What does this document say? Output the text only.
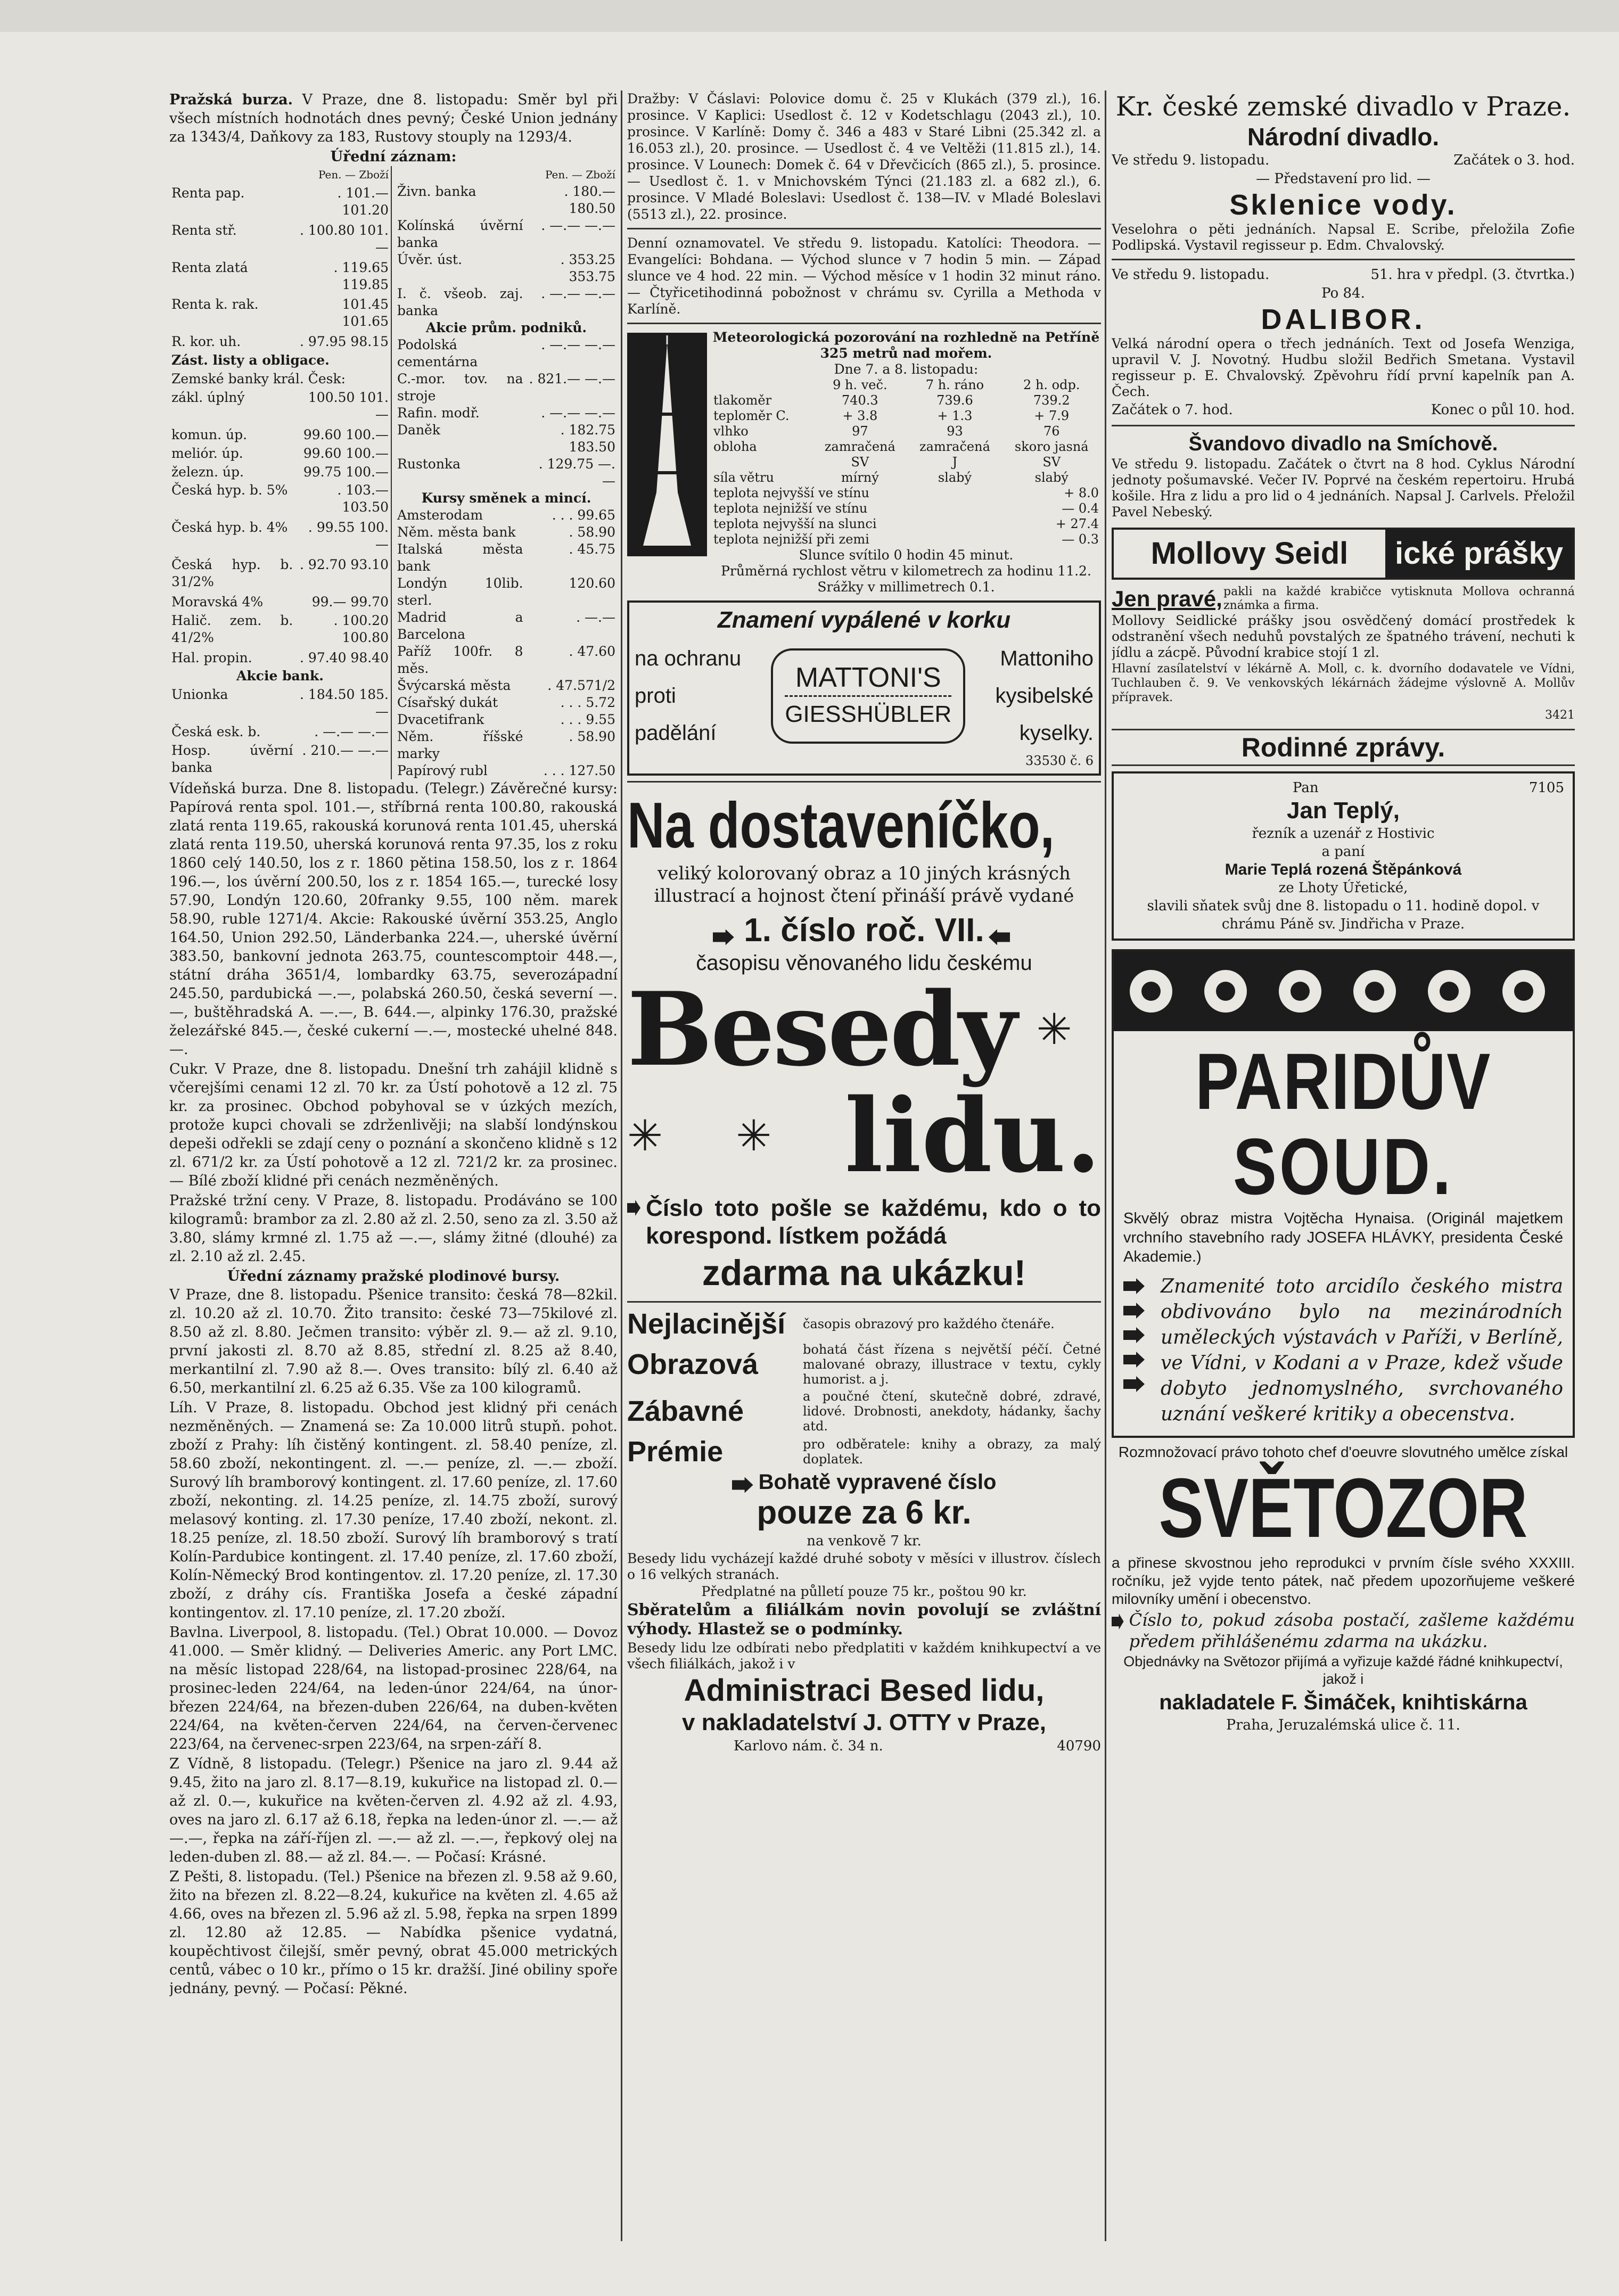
Pražská burza. V Praze, dne 8. listopadu: Směr byl při všech místních hodnotách dnes pevný; České Union jednány za 1343/4, Daňkovy za 183, Rustovy stouply na 1293/4.

Úřední záznam:
	Pen. — Zboží
Renta pap.	. 101.— 101.20
Renta stř.	. 100.80 101.—
Renta zlatá	. 119.65 119.85
Renta k. rak.	101.45 101.65
R. kor. uh.	. 97.95 98.15
Zást. listy a obligace.	
Zemské banky král. Česk:	
zákl. úplný	100.50 101.—
komun. úp.	99.60 100.—
meliór. úp.	99.60 100.—
železn. úp.	99.75 100.—
Česká hyp. b. 5%	. 103.— 103.50
Česká hyp. b. 4%	. 99.55 100.—
Česká hyp. b. 31/2%	. 92.70 93.10
Moravská 4%	99.— 99.70
Halič. zem. b. 41/2%	. 100.20 100.80
Hal. propin.	. 97.40 98.40
Akcie bank.	
Unionka	. 184.50 185.—
Česká esk. b.	. —.— —.—
Hosp. úvěrní banka	. 210.— —.—
	Pen. — Zboží
Živn. banka	. 180.— 180.50
Kolínská úvěrní banka	. —.— —.—
Úvěr. úst.	. 353.25 353.75
I. č. všeob. zaj. banka	. —.— —.—
Akcie prům. podniků.	
Podolská cementárna	. —.— —.—
C.-mor. tov. na stroje	. 821.— —.—
Rafin. modř.	. —.— —.—
Daněk	. 182.75 183.50
Rustonka	. 129.75 —.—
Kursy směnek a mincí.	
Amsterodam	. . . 99.65
Něm. města bank	. 58.90
Italská města bank	. 45.75
Londýn 10lib. sterl.	120.60
Madrid a Barcelona	. —.—
Paříž 100fr. 8 měs.	. 47.60
Švýcarská města	. 47.571/2
Císařský dukát	. . . 5.72
Dvacetifrank	. . . 9.55
Něm. říšské marky	. 58.90
Papírový rubl	. . . 127.50

Vídeňská burza. Dne 8. listopadu. (Telegr.) Závěrečné kursy: Papírová renta spol. 101.—, stříbrná renta 100.80, rakouská zlatá renta 119.65, rakouská korunová renta 101.45, uherská zlatá renta 119.50, uherská korunová renta 97.35, los z roku 1860 celý 140.50, los z r. 1860 pětina 158.50, los z r. 1864 196.—, los úvěrní 200.50, los z r. 1854 165.—, turecké losy 57.90, Londýn 120.60, 20franky 9.55, 100 něm. marek 58.90, ruble 1271/4. Akcie: Rakouské úvěrní 353.25, Anglo 164.50, Union 292.50, Länderbanka 224.—, uherské úvěrní 383.50, bankovní jednota 263.75, countescomptoir 448.—, státní dráha 3651/4, lombardky 63.75, severozápadní 245.50, pardubická —.—, polabská 260.50, česká severní —.—, buštěhradská A. —.—, B. 644.—, alpinky 176.30, pražské železářské 845.—, české cukerní —.—, mostecké uhelné 848.—.

Cukr. V Praze, dne 8. listopadu. Dnešní trh zahájil klidně s včerejšími cenami 12 zl. 70 kr. za Ústí pohotově a 12 zl. 75 kr. za prosinec. Obchod pobyhoval se v úzkých mezích, protože kupci chovali se zdrženlivěji; na slabší londýnskou depeši odřekli se zdají ceny o poznání a skončeno klidně s 12 zl. 671/2 kr. za Ústí pohotově a 12 zl. 721/2 kr. za prosinec. — Bílé zboží klidné při cenách nezměněných.

Pražské tržní ceny. V Praze, 8. listopadu. Prodáváno se 100 kilogramů: brambor za zl. 2.80 až zl. 2.50, seno za zl. 3.50 až 3.80, slámy krmné zl. 1.75 až —.—, slámy žitné (dlouhé) za zl. 2.10 až zl. 2.45.

Úřední záznamy pražské plodinové bursy.

V Praze, dne 8. listopadu. Pšenice transito: česká 78—82kil. zl. 10.20 až zl. 10.70. Žito transito: české 73—75kilové zl. 8.50 až zl. 8.80. Ječmen transito: výběr zl. 9.— až zl. 9.10, první jakosti zl. 8.70 až 8.85, střední zl. 8.25 až 8.40, merkantilní zl. 7.90 až 8.—. Oves transito: bílý zl. 6.40 až 6.50, merkantilní zl. 6.25 až 6.35. Vše za 100 kilogramů.

Líh. V Praze, 8. listopadu. Obchod jest klidný při cenách nezměněných. — Znamená se: Za 10.000 litrů stupň. pohot. zboží z Prahy: líh čistěný kontingent. zl. 58.40 peníze, zl. 58.60 zboží, nekontingent. zl. —.— peníze, zl. —.— zboží. Surový líh bramborový kontingent. zl. 17.60 peníze, zl. 17.60 zboží, nekonting. zl. 14.25 peníze, zl. 14.75 zboží, surový melasový konting. zl. 17.30 peníze, 17.40 zboží, nekont. zl. 18.25 peníze, zl. 18.50 zboží. Surový líh bramborový s tratí Kolín-Pardubice kontingent. zl. 17.40 peníze, zl. 17.60 zboží, Kolín-Německý Brod kontingentov. zl. 17.20 peníze, zl. 17.30 zboží, z dráhy cís. Františka Josefa a české západní kontingentov. zl. 17.10 peníze, zl. 17.20 zboží.

Bavlna. Liverpool, 8. listopadu. (Tel.) Obrat 10.000. — Dovoz 41.000. — Směr klidný. — Deliveries Americ. any Port LMC. na měsíc listopad 228/64, na listopad-prosinec 228/64, na prosinec-leden 224/64, na leden-únor 224/64, na únor-březen 224/64, na březen-duben 226/64, na duben-květen 224/64, na květen-červen 224/64, na červen-červenec 223/64, na červenec-srpen 223/64, na srpen-září 8.

Z Vídně, 8 listopadu. (Telegr.) Pšenice na jaro zl. 9.44 až 9.45, žito na jaro zl. 8.17—8.19, kukuřice na listopad zl. 0.— až zl. 0.—, kukuřice na květen-červen zl. 4.92 až zl. 4.93, oves na jaro zl. 6.17 až 6.18, řepka na leden-únor zl. —.— až —.—, řepka na září-říjen zl. —.— až zl. —.—, řepkový olej na leden-duben zl. 88.— až zl. 84.—. — Počasí: Krásné.

Z Pešti, 8. listopadu. (Tel.) Pšenice na březen zl. 9.58 až 9.60, žito na březen zl. 8.22—8.24, kukuřice na květen zl. 4.65 až 4.66, oves na březen zl. 5.96 až zl. 5.98, řepka na srpen 1899 zl. 12.80 až 12.85. — Nabídka pšenice vydatná, koupěchtivost čilejší, směr pevný, obrat 45.000 metrických centů, vábec o 10 kr., přímo o 15 kr. dražší. Jiné obiliny spoře jednány, pevný. — Počasí: Pěkné.

Dražby: V Čáslavi: Polovice domu č. 25 v Klukách (379 zl.), 16. prosince. V Kaplici: Usedlost č. 12 v Kodetschlagu (2043 zl.), 10. prosince. V Karlíně: Domy č. 346 a 483 v Staré Libni (25.342 zl. a 16.053 zl.), 20. prosince. — Usedlost č. 4 ve Veltěži (11.815 zl.), 14. prosince. V Lounech: Domek č. 64 v Dřevčicích (865 zl.), 5. prosince. — Usedlost č. 1. v Mnichovském Týnci (21.183 zl. a 682 zl.), 6. prosince. V Mladé Boleslavi: Usedlost č. 138—IV. v Mladé Boleslavi (5513 zl.), 22. prosince.

Denní oznamovatel. Ve středu 9. listopadu. Katolíci: Theodora. — Evangelíci: Bohdana. — Východ slunce v 7 hodin 5 min. — Západ slunce ve 4 hod. 22 min. — Východ měsíce v 1 hodin 32 minut ráno. — Čtyřicetihodinná pobožnost v chrámu sv. Cyrilla a Methoda v Karlíně.

Meteorologická pozorování na rozhledně na Petříně 325 metrů nad mořem.
Dne 7. a 8. listopadu:
	9 h. več.	7 h. ráno	2 h. odp.
tlakoměr	740.3	739.6	739.2
teploměr C.	+ 3.8	+ 1.3	+ 7.9
vlhko	97	93	76
obloha	zamračená	zamračená	skoro jasná
	SV	J	SV
síla větru	mírný	slabý	slabý
teplota nejvyšší ve stínu			+ 8.0
teplota nejnižší ve stínu			— 0.4
teplota nejvyšší na slunci			+ 27.4
teplota nejnižší při zemi			— 0.3
Slunce svítilo 0 hodin 45 minut.
Průměrná rychlost větru v kilometrech za hodinu 11.2.
Srážky v millimetrech 0.1.
Znamení vypálené v korku
na ochranu
proti
padělání
MATTONI'S
GIESSHÜBLER
Mattoniho
kysibelské
kyselky.
33530 č. 6
Na dostaveníčko,

veliký kolorovaný obraz a 10 jiných krásných illustrací a hojnost čtení přináší právě vydané

1. číslo roč. VII.
časopisu věnovaného lidu českému
Besedy ✳
✳ ✳ lidu.
Číslo toto pošle se každému, kdo o to korespond. lístkem požádá
zdarma na ukázku!
Nejlacinější	časopis obrazový pro každého čtenáře.
Obrazová	bohatá část řízena s největší péčí. Četné malované obrazy, illustrace v textu, cykly humorist. a j.
Zábavné	a poučné čtení, skutečně dobré, zdravé, lidové. Drobnosti, anekdoty, hádanky, šachy atd.
Prémie	pro odběratele: knihy a obrazy, za malý doplatek.
Bohatě vypravené číslo
pouze za 6 kr.
na venkově 7 kr.

Besedy lidu vycházejí každé druhé soboty v měsíci v illustrov. číslech o 16 velkých stranách.

Předplatné na půlletí pouze 75 kr., poštou 90 kr.

Sběratelům a filiálkám novin povolují se zvláštní výhody. Hlastež se o podmínky.

Besedy lidu lze odbírati nebo předplatiti v každém knihkupectví a ve všech filiálkách, jakož i v

Administraci Besed lidu,
v nakladatelství J. OTTY v Praze,
Karlovo nám. č. 34 n.	40790
Kr. české zemské divadlo v Praze.
Národní divadlo.
Ve středu 9. listopadu.	Začátek o 3. hod.
— Představení pro lid. —
Sklenice vody.

Veselohra o pěti jednáních. Napsal E. Scribe, přeložila Zofie Podlipská. Vystavil regisseur p. Edm. Chvalovský.

Ve středu 9. listopadu.	51. hra v předpl. (3. čtvrtka.)
Po 84.
DALIBOR.

Velká národní opera o třech jednáních. Text od Josefa Wenziga, upravil V. J. Novotný. Hudbu složil Bedřich Smetana. Vystavil regisseur p. E. Chvalovský. Zpěvohru řídí první kapelník pan A. Čech.

Začátek o 7. hod.	Konec o půl 10. hod.
Švandovo divadlo na Smíchově.

Ve středu 9. listopadu. Začátek o čtvrt na 8 hod. Cyklus Národní jednoty pošumavské. Večer IV. Poprvé na českém repertoiru. Hrubá košile. Hra z lidu a pro lid o 4 jednáních. Napsal J. Carlvels. Přeložil Pavel Nebeský.

Mollovy Seidl	ické prášky
Jen pravé, pakli na každé krabičce vytisknuta Mollova ochranná známka a firma.

Mollovy Seidlické prášky jsou osvědčený domácí prostředek k odstranění všech neduhů povstalých ze špatného trávení, nechuti k jídlu a zácpě. Původní krabice stojí 1 zl.

Hlavní zasílatelství v lékárně A. Moll, c. k. dvorního dodavatele ve Vídni, Tuchlauben č. 9. Ve venkovských lékárnách žádejme výslovně A. Mollův přípravek.

3421
Rodinné zprávy.
Pan	7105
Jan Teplý,
řezník a uzenář z Hostivic
a paní
Marie Teplá rozená Štěpánková
ze Lhoty Úřetické,
slavili sňatek svůj dne 8. listopadu o 11. hodině dopol. v chrámu Páně sv. Jindřicha v Praze.
PARIDŮV
SOUD.

Skvělý obraz mistra Vojtěcha Hynaisa. (Originál majetkem vrchního stavebního rady JOSEFA HLÁVKY, presidenta České Akademie.)

Znamenité toto arcidílo českého mistra obdivováno bylo na mezinárodních uměleckých výstavách v Paříži, v Berlíně, ve Vídni, v Kodani a v Praze, kdež všude dobyto jednomyslného, svrchovaného uznání veškeré kritiky a obecenstva.

Rozmnožovací právo tohoto chef d'oeuvre slovutného umělce získal

SVĚTOZOR

a přinese skvostnou jeho reprodukci v prvním čísle svého XXXIII. ročníku, jež vyjde tento pátek, nač předem upozorňujeme veškeré milovníky umění i obecenstvo.

Číslo to, pokud zásoba postačí, zašleme každému předem přihlášenému zdarma na ukázku.

Objednávky na Světozor přijímá a vyřizuje každé řádné knihkupectví, jakož i

nakladatele F. Šimáček, knihtiskárna
Praha, Jeruzalémská ulice č. 11.
